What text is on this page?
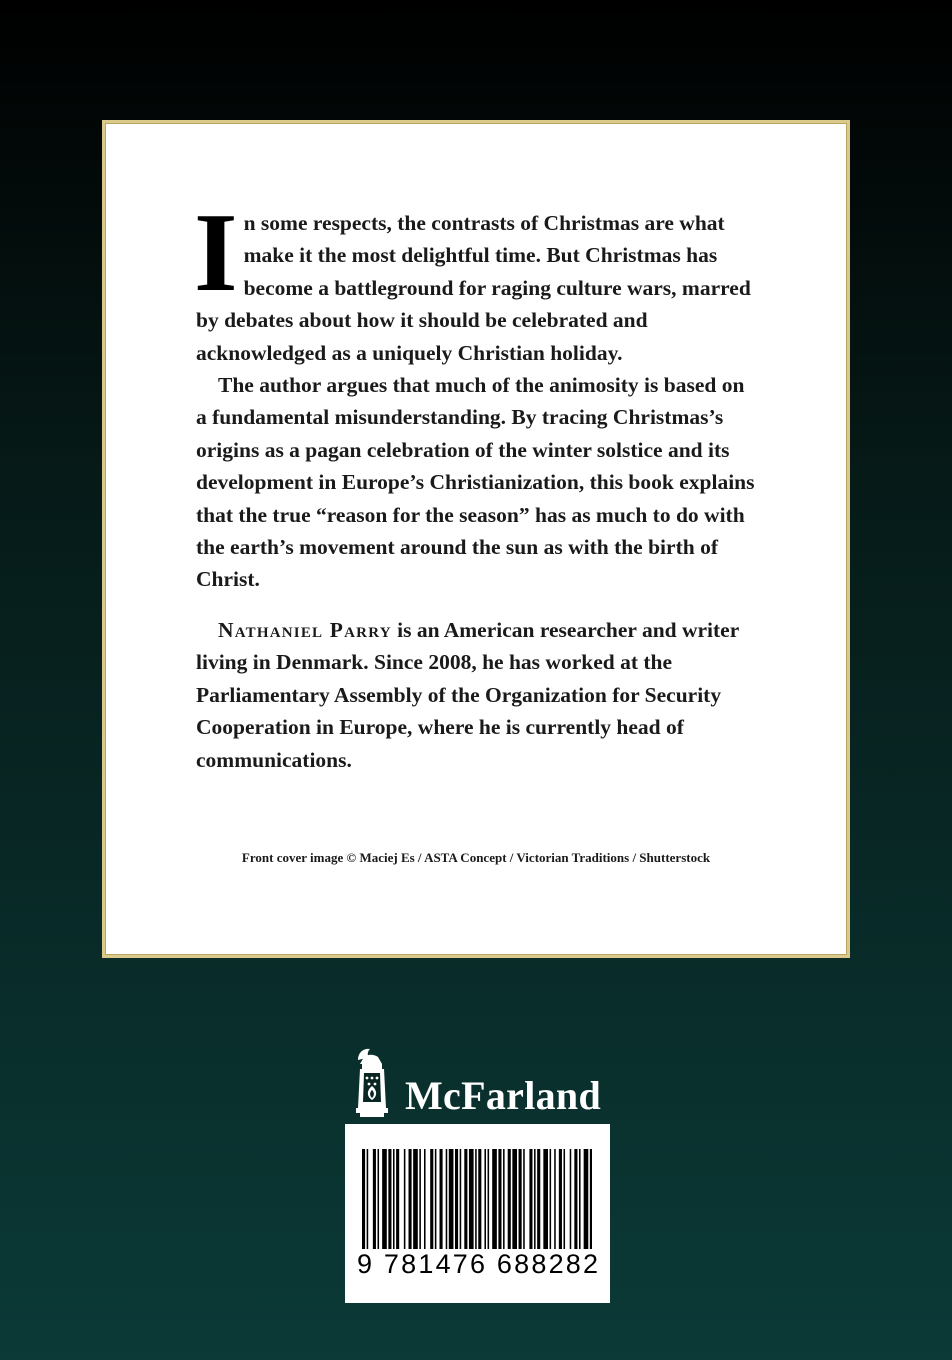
In some respects, the contrasts of Christmas are what make it the most delightful time. But Christmas has become a battleground for raging culture wars, marred by debates about how it should be celebrated and acknowledged as a uniquely Christian holiday.

The author argues that much of the animosity is based on a fundamental misunderstanding. By tracing Christmas’s origins as a pagan celebration of the winter solstice and its development in Europe’s Christianization, this book explains that the true “reason for the season” has as much to do with the earth’s movement around the sun as with the birth of Christ.

Nathaniel Parry is an American researcher and writer living in Denmark. Since 2008, he has worked at the Parliamentary Assembly of the Organization for Security Cooperation in Europe, where he is currently head of communications.

Front cover image © Maciej Es / ASTA Concept / Victorian Traditions / Shutterstock
McFarland
9 781476 688282
